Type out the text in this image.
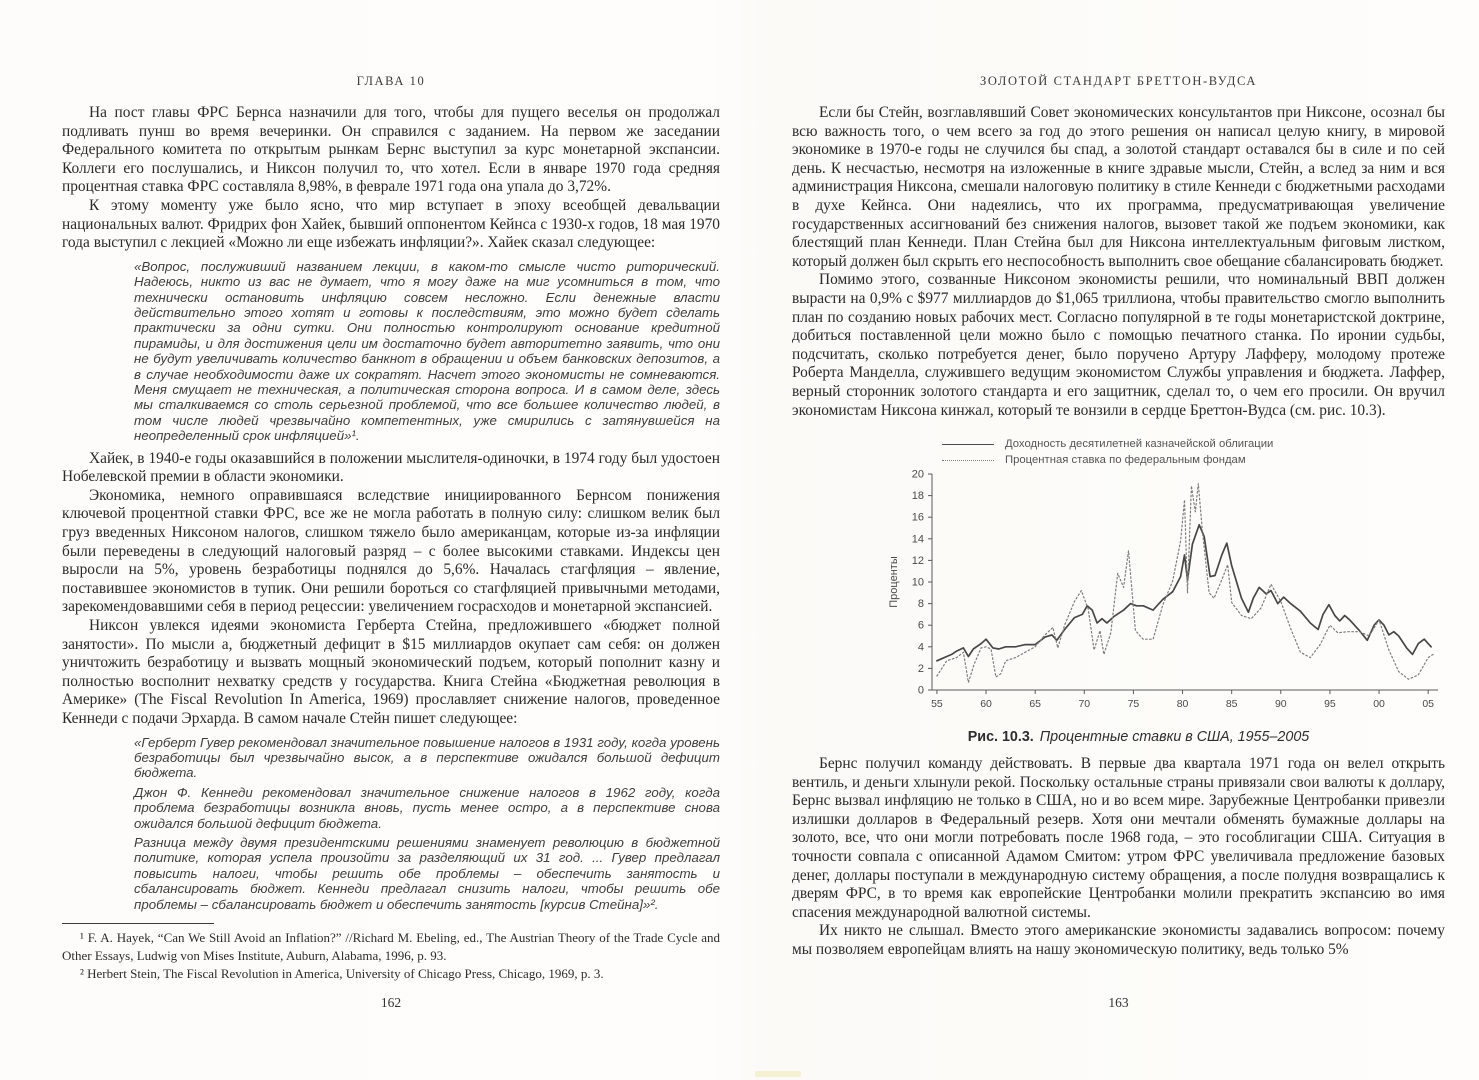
ГЛАВА 10

На пост главы ФРС Бернса назначили для того, чтобы для пущего веселья он продолжал подливать пунш во время вечеринки. Он справился с заданием. На первом же заседании Федерального комитета по открытым рынкам Бернс выступил за курс монетарной экспансии. Коллеги его послушались, и Никсон получил то, что хотел. Если в январе 1970 года средняя процентная ставка ФРС составляла 8,98%, в феврале 1971 года она упала до 3,72%.

К этому моменту уже было ясно, что мир вступает в эпоху всеобщей девальвации национальных валют. Фридрих фон Хайек, бывший оппонентом Кейнса с 1930-х годов, 18 мая 1970 года выступил с лекцией «Можно ли еще избежать инфляции?». Хайек сказал следующее:

«Вопрос, послуживший названием лекции, в каком-то смысле чисто риторический. Надеюсь, никто из вас не думает, что я могу даже на миг усомниться в том, что технически остановить инфляцию совсем несложно. Если денежные власти действительно этого хотят и готовы к последствиям, это можно будет сделать практически за одни сутки. Они полностью контролируют основание кредитной пирамиды, и для достижения цели им достаточно будет авторитетно заявить, что они не будут увеличивать количество банкнот в обращении и объем банковских депозитов, а в случае необходимости даже их сократят. Насчет этого экономисты не сомневаются. Меня смущает не техническая, а политическая сторона вопроса. И в самом деле, здесь мы сталкиваемся со столь серьезной проблемой, что все большее количество людей, в том числе людей чрезвычайно компетентных, уже смирились с затянувшейся на неопределенный срок инфляцией»¹.

Хайек, в 1940-е годы оказавшийся в положении мыслителя-одиночки, в 1974 году был удостоен Нобелевской премии в области экономики.

Экономика, немного оправившаяся вследствие инициированного Бернсом понижения ключевой процентной ставки ФРС, все же не могла работать в полную силу: слишком велик был груз введенных Никсоном налогов, слишком тяжело было американцам, которые из-за инфляции были переведены в следующий налоговый разряд – с более высокими ставками. Индексы цен выросли на 5%, уровень безработицы поднялся до 5,6%. Началась стагфляция – явление, поставившее экономистов в тупик. Они решили бороться со стагфляцией привычными методами, зарекомендовавшими себя в период рецессии: увеличением госрасходов и монетарной экспансией.

Никсон увлекся идеями экономиста Герберта Стейна, предложившего «бюджет полной занятости». По мысли а, бюджетный дефицит в $15 миллиардов окупает сам себя: он должен уничтожить безработицу и вызвать мощный экономический подъем, который пополнит казну и полностью восполнит нехватку средств у государства. Книга Стейна «Бюджетная революция в Америке» (The Fiscal Revolution In America, 1969) прославляет снижение налогов, проведенное Кеннеди с подачи Эрхарда. В самом начале Стейн пишет следующее:

«Герберт Гувер рекомендовал значительное повышение налогов в 1931 году, когда уровень безработицы был чрезвычайно высок, а в перспективе ожидался большой дефицит бюджета.

Джон Ф. Кеннеди рекомендовал значительное снижение налогов в 1962 году, когда проблема безработицы возникла вновь, пусть менее остро, а в перспективе снова ожидался большой дефицит бюджета.

Разница между двумя президентскими решениями знаменует революцию в бюджетной политике, которая успела произойти за разделяющий их 31 год. ... Гувер предлагал повысить налоги, чтобы решить обе проблемы – обеспечить занятость и сбалансировать бюджет. Кеннеди предлагал снизить налоги, чтобы решить обе проблемы – сбалансировать бюджет и обеспечить занятость [курсив Стейна]»².

¹ F. A. Hayek, “Can We Still Avoid an Inflation?” //Richard M. Ebeling, ed., The Austrian Theory of the Trade Cycle and Other Essays, Ludwig von Mises Institute, Auburn, Alabama, 1996, p. 93.

² Herbert Stein, The Fiscal Revolution in America, University of Chicago Press, Chicago, 1969, p. 3.

162
ЗОЛОТОЙ СТАНДАРТ БРЕТТОН-ВУДСА

Если бы Стейн, возглавлявший Совет экономических консультантов при Никсоне, осознал бы всю важность того, о чем всего за год до этого решения он написал целую книгу, в мировой экономике в 1970-е годы не случился бы спад, а золотой стандарт оставался бы в силе и по сей день. К несчастью, несмотря на изложенные в книге здравые мысли, Стейн, а вслед за ним и вся администрация Никсона, смешали налоговую политику в стиле Кеннеди с бюджетными расходами в духе Кейнса. Они надеялись, что их программа, предусматривающая увеличение государственных ассигнований без снижения налогов, вызовет такой же подъем экономики, как блестящий план Кеннеди. План Стейна был для Никсона интеллектуальным фиговым листком, который должен был скрыть его неспособность выполнить свое обещание сбалансировать бюджет.

Помимо этого, созванные Никсоном экономисты решили, что номинальный ВВП должен вырасти на 0,9% с $977 миллиардов до $1,065 триллиона, чтобы правительство смогло выполнить план по созданию новых рабочих мест. Согласно популярной в те годы монетаристской доктрине, добиться поставленной цели можно было с помощью печатного станка. По иронии судьбы, подсчитать, сколько потребуется денег, было поручено Артуру Лафферу, молодому протеже Роберта Манделла, служившего ведущим экономистом Службы управления и бюджета. Лаффер, верный сторонник золотого стандарта и его защитник, сделал то, о чем его просили. Он вручил экономистам Никсона кинжал, который те вонзили в сердце Бреттон-Вудса (см. рис. 10.3).

Доходность десятилетней казначейской облигации
Процентная ставка по федеральным фондам
0
2
4
6
8
10
12
14
16
18
20
55	60	65	70	75	80	85	90	95	00	05
Проценты
Рис. 10.3. Процентные ставки в США, 1955–2005

Бернс получил команду действовать. В первые два квартала 1971 года он велел открыть вентиль, и деньги хлынули рекой. Поскольку остальные страны привязали свои валюты к доллару, Бернс вызвал инфляцию не только в США, но и во всем мире. Зарубежные Центробанки привезли излишки долларов в Федеральный резерв. Хотя они мечтали обменять бумажные доллары на золото, все, что они могли потребовать после 1968 года, – это гособлигации США. Ситуация в точности совпала с описанной Адамом Смитом: утром ФРС увеличивала предложение базовых денег, доллары поступали в международную систему обращения, а после полудня возвращались к дверям ФРС, в то время как европейские Центробанки молили прекратить экспансию во имя спасения международной валютной системы.

Их никто не слышал. Вместо этого американские экономисты задавались вопросом: почему мы позволяем европейцам влиять на нашу экономическую политику, ведь только 5%

163
